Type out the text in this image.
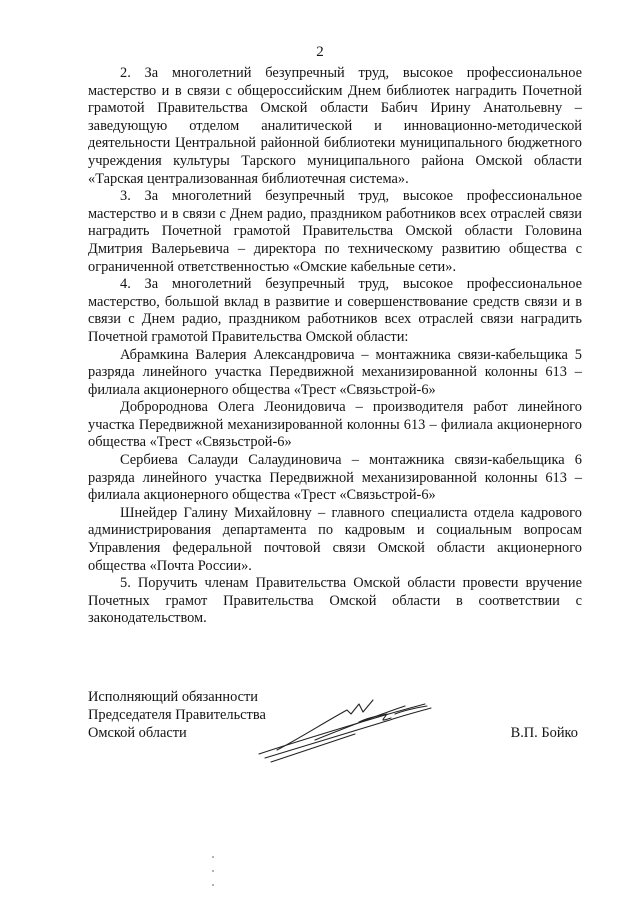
2

2. За многолетний безупречный труд, высокое профессиональное мастерство и в связи с общероссийским Днем библиотек наградить Почетной грамотой Правительства Омской области Бабич Ирину Анатольевну – заведующую отделом аналитической и инновационно-методической деятельности Центральной районной библиотеки муниципального бюджетного учреждения культуры Тарского муниципального района Омской области «Тарская централизованная библиотечная система».

3. За многолетний безупречный труд, высокое профессиональное мастерство и в связи с Днем радио, праздником работников всех отраслей связи наградить Почетной грамотой Правительства Омской области Головина Дмитрия Валерьевича – директора по техническому развитию общества с ограниченной ответственностью «Омские кабельные сети».

4. За многолетний безупречный труд, высокое профессиональное мастерство, большой вклад в развитие и совершенствование средств связи и в связи с Днем радио, праздником работников всех отраслей связи наградить Почетной грамотой Правительства Омской области:

Абрамкина Валерия Александровича – монтажника связи-кабельщика 5 разряда линейного участка Передвижной механизированной колонны 613 – филиала акционерного общества «Трест «Связьстрой-6»

Добророднова Олега Леонидовича – производителя работ линейного участка Передвижной механизированной колонны 613 – филиала акционерного общества «Трест «Связьстрой-6»

Сербиева Салауди Салаудиновича – монтажника связи-кабельщика 6 разряда линейного участка Передвижной механизированной колонны 613 – филиала акционерного общества «Трест «Связьстрой-6»

Шнейдер Галину Михайловну – главного специалиста отдела кадрового администрирования департамента по кадровым и социальным вопросам Управления федеральной почтовой связи Омской области акционерного общества «Почта России».

5. Поручить членам Правительства Омской области провести вручение Почетных грамот Правительства Омской области в соответствии с законодательством.

Исполняющий обязанности
Председателя Правительства
Омской области	В.П. Бойко
